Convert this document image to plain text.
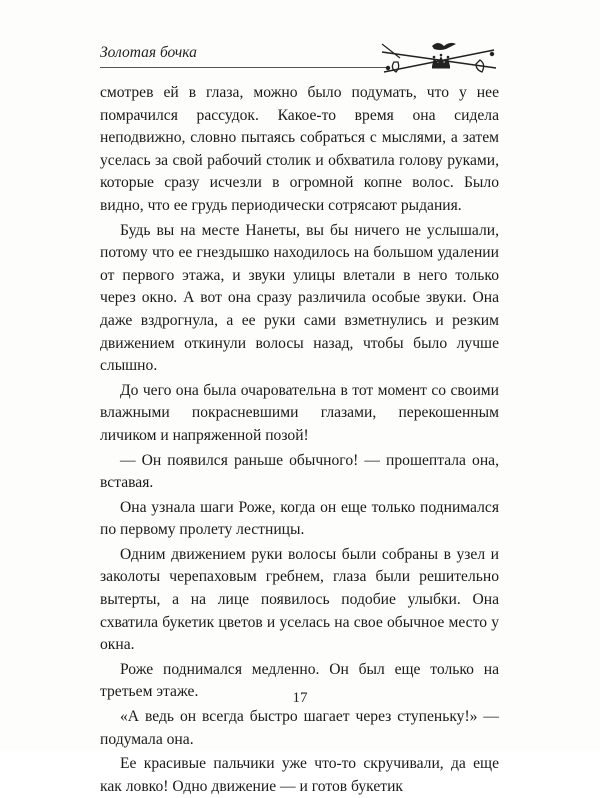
Золотая бочка

смотрев ей в глаза, можно было подумать, что у нее помрачился рассудок. Какое-то время она сидела неподвижно, словно пытаясь собраться с мыслями, а затем уселась за свой рабочий столик и обхватила голову руками, которые сразу исчезли в огромной копне волос. Было видно, что ее грудь периодически сотрясают рыдания.

Будь вы на месте Нанеты, вы бы ничего не услышали, потому что ее гнездышко находилось на большом удалении от первого этажа, и звуки улицы влетали в него только через окно. А вот она сразу различила особые звуки. Она даже вздрогнула, а ее руки сами взметнулись и резким движением откинули волосы назад, чтобы было лучше слышно.

До чего она была очаровательна в тот момент со своими влажными покрасневшими глазами, перекошенным личиком и напряженной позой!

— Он появился раньше обычного! — прошептала она, вставая.

Она узнала шаги Роже, когда он еще только поднимался по первому пролету лестницы.

Одним движением руки волосы были собраны в узел и заколоты черепаховым гребнем, глаза были решительно вытерты, а на лице появилось подобие улыбки. Она схватила букетик цветов и уселась на свое обычное место у окна.

Роже поднимался медленно. Он был еще только на третьем этаже.

«А ведь он всегда быстро шагает через ступеньку!» — подумала она.

Ее красивые пальчики уже что-то скручивали, да еще как ловко! Одно движение — и готов букетик

17
